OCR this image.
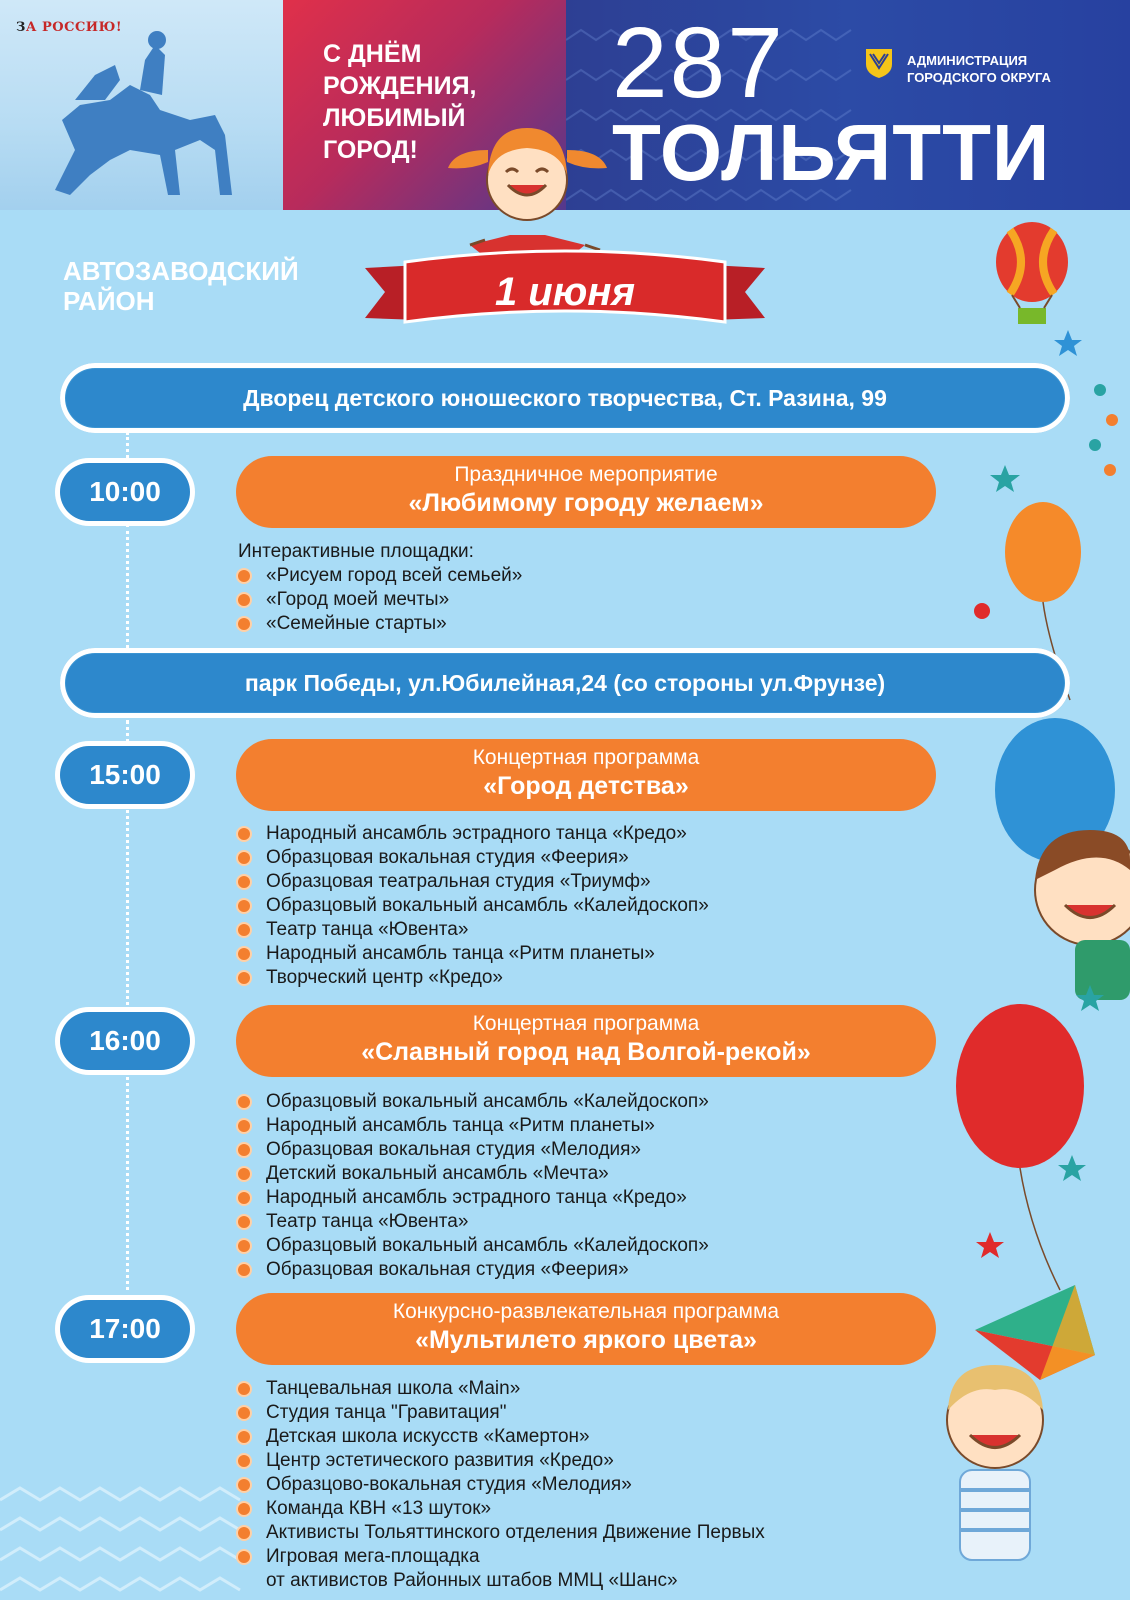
ЗА РОССИЮ!
С ДНЁМ
РОЖДЕНИЯ,
ЛЮБИМЫЙ
ГОРОД!
287
ТОЛЬЯТТИ
АДМИНИСТРАЦИЯ
ГОРОДСКОГО ОКРУГА
1 июня
АВТОЗАВОДСКИЙ
РАЙОН
Дворец детского юношеского творчества, Ст. Разина, 99
10:00
Праздничное мероприятие
«Любимому городу желаем»
Интерактивные площадки:
«Рисуем город всей семьей»
«Город моей мечты»
«Семейные старты»
парк Победы, ул.Юбилейная,24 (со стороны ул.Фрунзе)
15:00
Концертная программа
«Город детства»
Народный ансамбль эстрадного танца «Кредо»
Образцовая вокальная студия «Феерия»
Образцовая театральная студия «Триумф»
Образцовый вокальный ансамбль «Калейдоскоп»
Театр танца «Ювента»
Народный ансамбль танца «Ритм планеты»
Творческий центр «Кредо»
16:00
Концертная программа
«Славный город над Волгой-рекой»
Образцовый вокальный ансамбль «Калейдоскоп»
Народный ансамбль танца «Ритм планеты»
Образцовая вокальная студия «Мелодия»
Детский вокальный ансамбль «Мечта»
Народный ансамбль эстрадного танца «Кредо»
Театр танца «Ювента»
Образцовый вокальный ансамбль «Калейдоскоп»
Образцовая вокальная студия «Феерия»
17:00
Конкурсно-развлекательная программа
«Мультилето яркого цвета»
Танцевальная школа «Main»
Студия танца "Гравитация"
Детская школа искусств «Камертон»
Центр эстетического развития «Кредо»
Образцово-вокальная студия «Мелодия»
Команда КВН «13 шуток»
Активисты Тольяттинского отделения Движение Первых
Игровая мега-площадка
от активистов Районных штабов ММЦ «Шанс»
